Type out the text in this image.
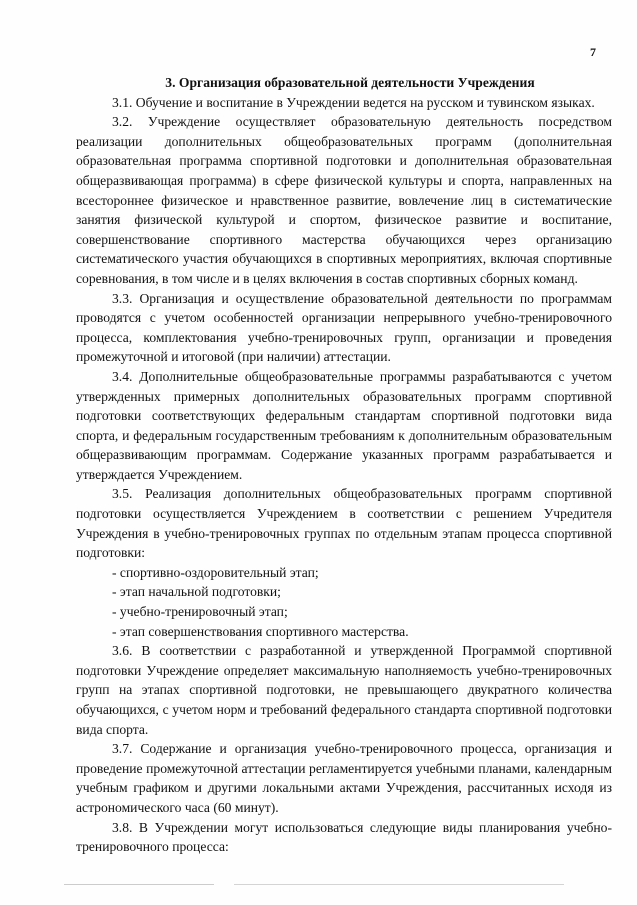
7

3. Организация образовательной деятельности Учреждения

3.1. Обучение и воспитание в Учреждении ведется на русском и тувинском языках.

3.2. Учреждение осуществляет образовательную деятельность посредством реализации дополнительных общеобразовательных программ (дополнительная образовательная программа спортивной подготовки и дополнительная образовательная общеразвивающая программа) в сфере физической культуры и спорта, направленных на всестороннее физическое и нравственное развитие, вовлечение лиц в систематические занятия физической культурой и спортом, физическое развитие и воспитание, совершенствование спортивного мастерства обучающихся через организацию систематического участия обучающихся в спортивных мероприятиях, включая спортивные соревнования, в том числе и в целях включения в состав спортивных сборных команд.

3.3. Организация и осуществление образовательной деятельности по программам проводятся с учетом особенностей организации непрерывного учебно-тренировочного процесса, комплектования учебно-тренировочных групп, организации и проведения промежуточной и итоговой (при наличии) аттестации.

3.4. Дополнительные общеобразовательные программы разрабатываются с учетом утвержденных примерных дополнительных образовательных программ спортивной подготовки соответствующих федеральным стандартам спортивной подготовки вида спорта, и федеральным государственным требованиям к дополнительным образовательным общеразвивающим программам. Содержание указанных программ разрабатывается и утверждается Учреждением.

3.5. Реализация дополнительных общеобразовательных программ спортивной подготовки осуществляется Учреждением в соответствии с решением Учредителя Учреждения в учебно-тренировочных группах по отдельным этапам процесса спортивной подготовки:

- спортивно-оздоровительный этап;
- этап начальной подготовки;
- учебно-тренировочный этап;
- этап совершенствования спортивного мастерства.

3.6. В соответствии с разработанной и утвержденной Программой спортивной подготовки Учреждение определяет максимальную наполняемость учебно-тренировочных групп на этапах спортивной подготовки, не превышающего двукратного количества обучающихся, с учетом норм и требований федерального стандарта спортивной подготовки вида спорта.

3.7. Содержание и организация учебно-тренировочного процесса, организация и проведение промежуточной аттестации регламентируется учебными планами, календарным учебным графиком и другими локальными актами Учреждения, рассчитанных исходя из астрономического часа (60 минут).

3.8. В Учреждении могут использоваться следующие виды планирования учебно-тренировочного процесса:
